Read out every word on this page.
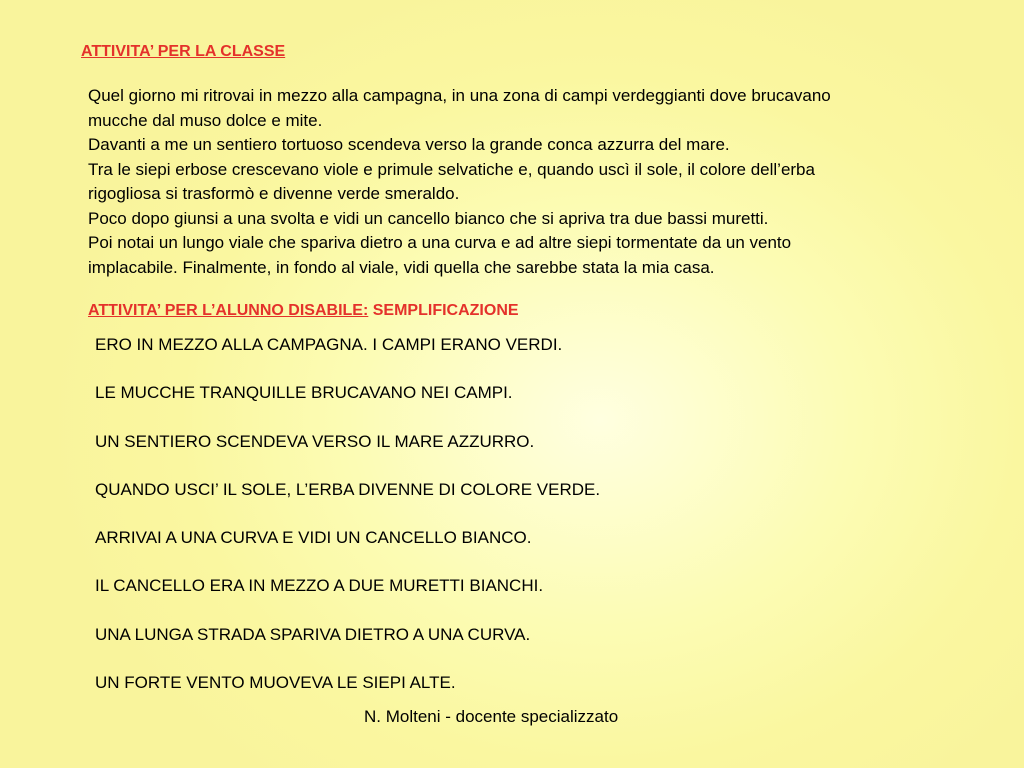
ATTIVITA’ PER LA CLASSE
Quel giorno mi ritrovai in mezzo alla campagna, in una zona di campi verdeggianti dove brucavano
mucche dal muso dolce e mite.
Davanti a me un sentiero tortuoso scendeva verso la grande conca azzurra del mare.
Tra le siepi erbose crescevano viole e primule selvatiche e, quando uscì il sole, il colore dell’erba
rigogliosa si trasformò e divenne verde smeraldo.
Poco dopo giunsi a una svolta e vidi un cancello bianco che si apriva tra due bassi muretti.
Poi notai un lungo viale che spariva dietro a una curva e ad altre siepi tormentate da un vento
implacabile. Finalmente, in fondo al viale, vidi quella che sarebbe stata la mia casa.
ATTIVITA’ PER L’ALUNNO DISABILE: SEMPLIFICAZIONE
ERO IN MEZZO ALLA CAMPAGNA. I CAMPI ERANO VERDI.
LE MUCCHE TRANQUILLE BRUCAVANO NEI CAMPI.
UN SENTIERO SCENDEVA VERSO IL MARE AZZURRO.
QUANDO USCI’ IL SOLE, L’ERBA DIVENNE DI COLORE VERDE.
ARRIVAI A UNA CURVA E VIDI UN CANCELLO BIANCO.
IL CANCELLO ERA IN MEZZO A DUE MURETTI BIANCHI.
UNA LUNGA STRADA SPARIVA DIETRO A UNA CURVA.
UN FORTE VENTO MUOVEVA LE SIEPI ALTE.
N. Molteni - docente specializzato
